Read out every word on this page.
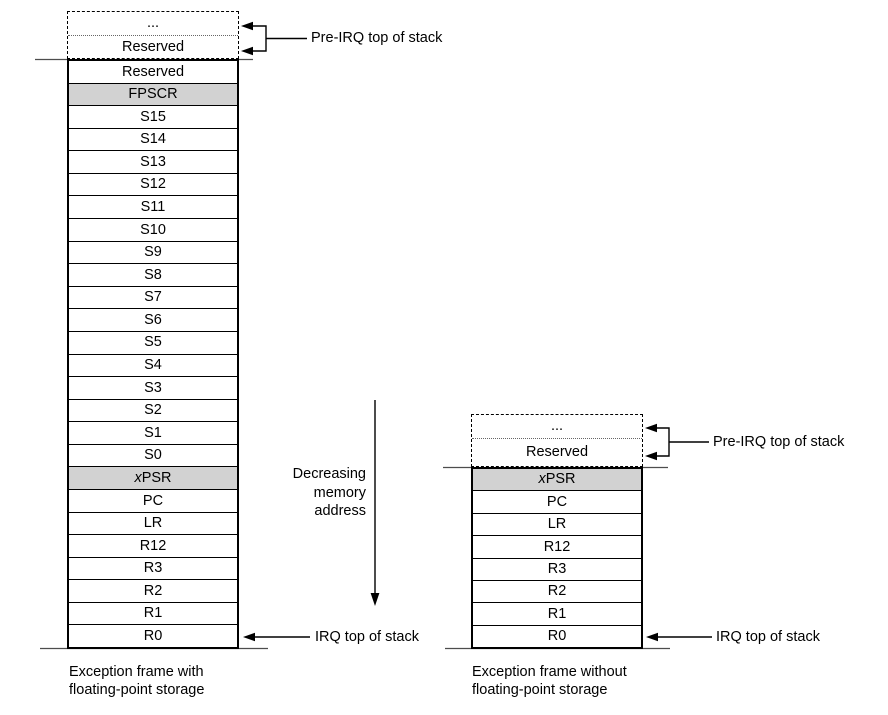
...
Reserved
Reserved
FPSCR
S15
S14
S13
S12
S11
S10
S9
S8
S7
S6
S5
S4
S3
S2
S1
S0
x PSR
PC
LR
R12
R3
R2
R1
R0
...
Reserved
x PSR
PC
LR
R12
R3
R2
R1
R0
Pre-IRQ top of stack
Pre-IRQ top of stack
IRQ top of stack	IRQ top of stack
Decreasing
memory
address
Exception frame with
floating-point storage
Exception frame without
floating-point storage
